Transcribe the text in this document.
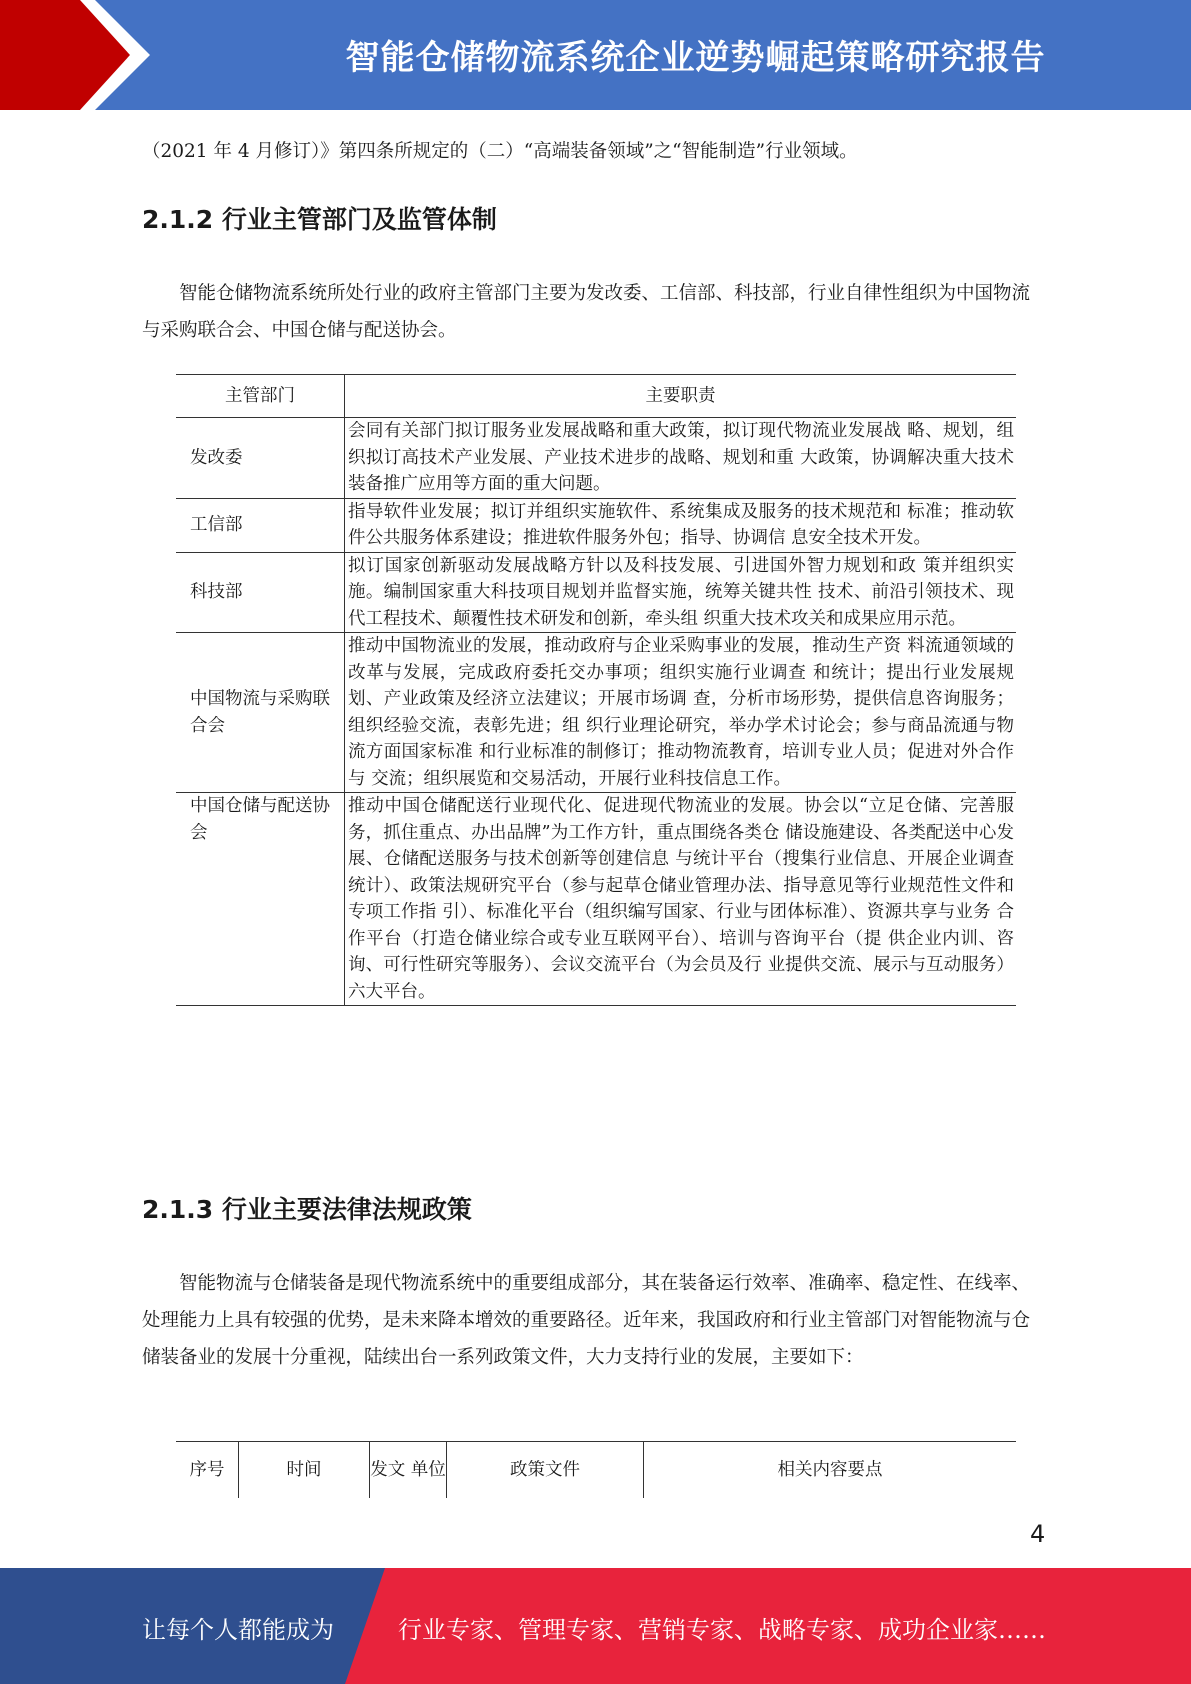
智能仓储物流系统企业逆势崛起策略研究报告

（2021 年 4 月修订）》第四条所规定的（二）“高端装备领域”之“智能制造”行业领域。

2.1.2 行业主管部门及监管体制

智能仓储物流系统所处行业的政府主管部门主要为发改委、工信部、科技部，行业自律性组织为中国物流与采购联合会、中国仓储与配送协会。

主管部门	主要职责
发改委	会同有关部门拟订服务业发展战略和重大政策，拟订现代物流业发展战 略、规划，组织拟订高技术产业发展、产业技术进步的战略、规划和重 大政策，协调解决重大技术装备推广应用等方面的重大问题。
工信部	指导软件业发展；拟订并组织实施软件、系统集成及服务的技术规范和 标准；推动软件公共服务体系建设；推进软件服务外包；指导、协调信 息安全技术开发。
科技部	拟订国家创新驱动发展战略方针以及科技发展、引进国外智力规划和政 策并组织实施。编制国家重大科技项目规划并监督实施，统筹关键共性 技术、前沿引领技术、现代工程技术、颠覆性技术研发和创新，牵头组 织重大技术攻关和成果应用示范。
中国物流与采购联合会	推动中国物流业的发展，推动政府与企业采购事业的发展，推动生产资 料流通领域的改革与发展，完成政府委托交办事项；组织实施行业调查 和统计；提出行业发展规划、产业政策及经济立法建议；开展市场调 查，分析市场形势，提供信息咨询服务；组织经验交流，表彰先进；组 织行业理论研究，举办学术讨论会；参与商品流通与物流方面国家标准 和行业标准的制修订；推动物流教育，培训专业人员；促进对外合作与 交流；组织展览和交易活动，开展行业科技信息工作。
中国仓储与配送协会	推动中国仓储配送行业现代化、促进现代物流业的发展。协会以“立足仓储、完善服务，抓住重点、办出品牌”为工作方针，重点围绕各类仓 储设施建设、各类配送中心发展、仓储配送服务与技术创新等创建信息 与统计平台（搜集行业信息、开展企业调查统计）、政策法规研究平台（参与起草仓储业管理办法、指导意见等行业规范性文件和专项工作指 引）、标准化平台（组织编写国家、行业与团体标准）、资源共享与业务 合作平台（打造仓储业综合或专业互联网平台）、培训与咨询平台（提 供企业内训、咨询、可行性研究等服务）、会议交流平台（为会员及行 业提供交流、展示与互动服务）六大平台。
2.1.3 行业主要法律法规政策

智能物流与仓储装备是现代物流系统中的重要组成部分，其在装备运行效率、准确率、稳定性、在线率、处理能力上具有较强的优势，是未来降本增效的重要路径。近年来，我国政府和行业主管部门对智能物流与仓储装备业的发展十分重视，陆续出台一系列政策文件，大力支持行业的发展，主要如下：

序号	时间	发文 单位	政策文件	相关内容要点
4
让每个人都能成为	行业专家、管理专家、营销专家、战略专家、成功企业家……
